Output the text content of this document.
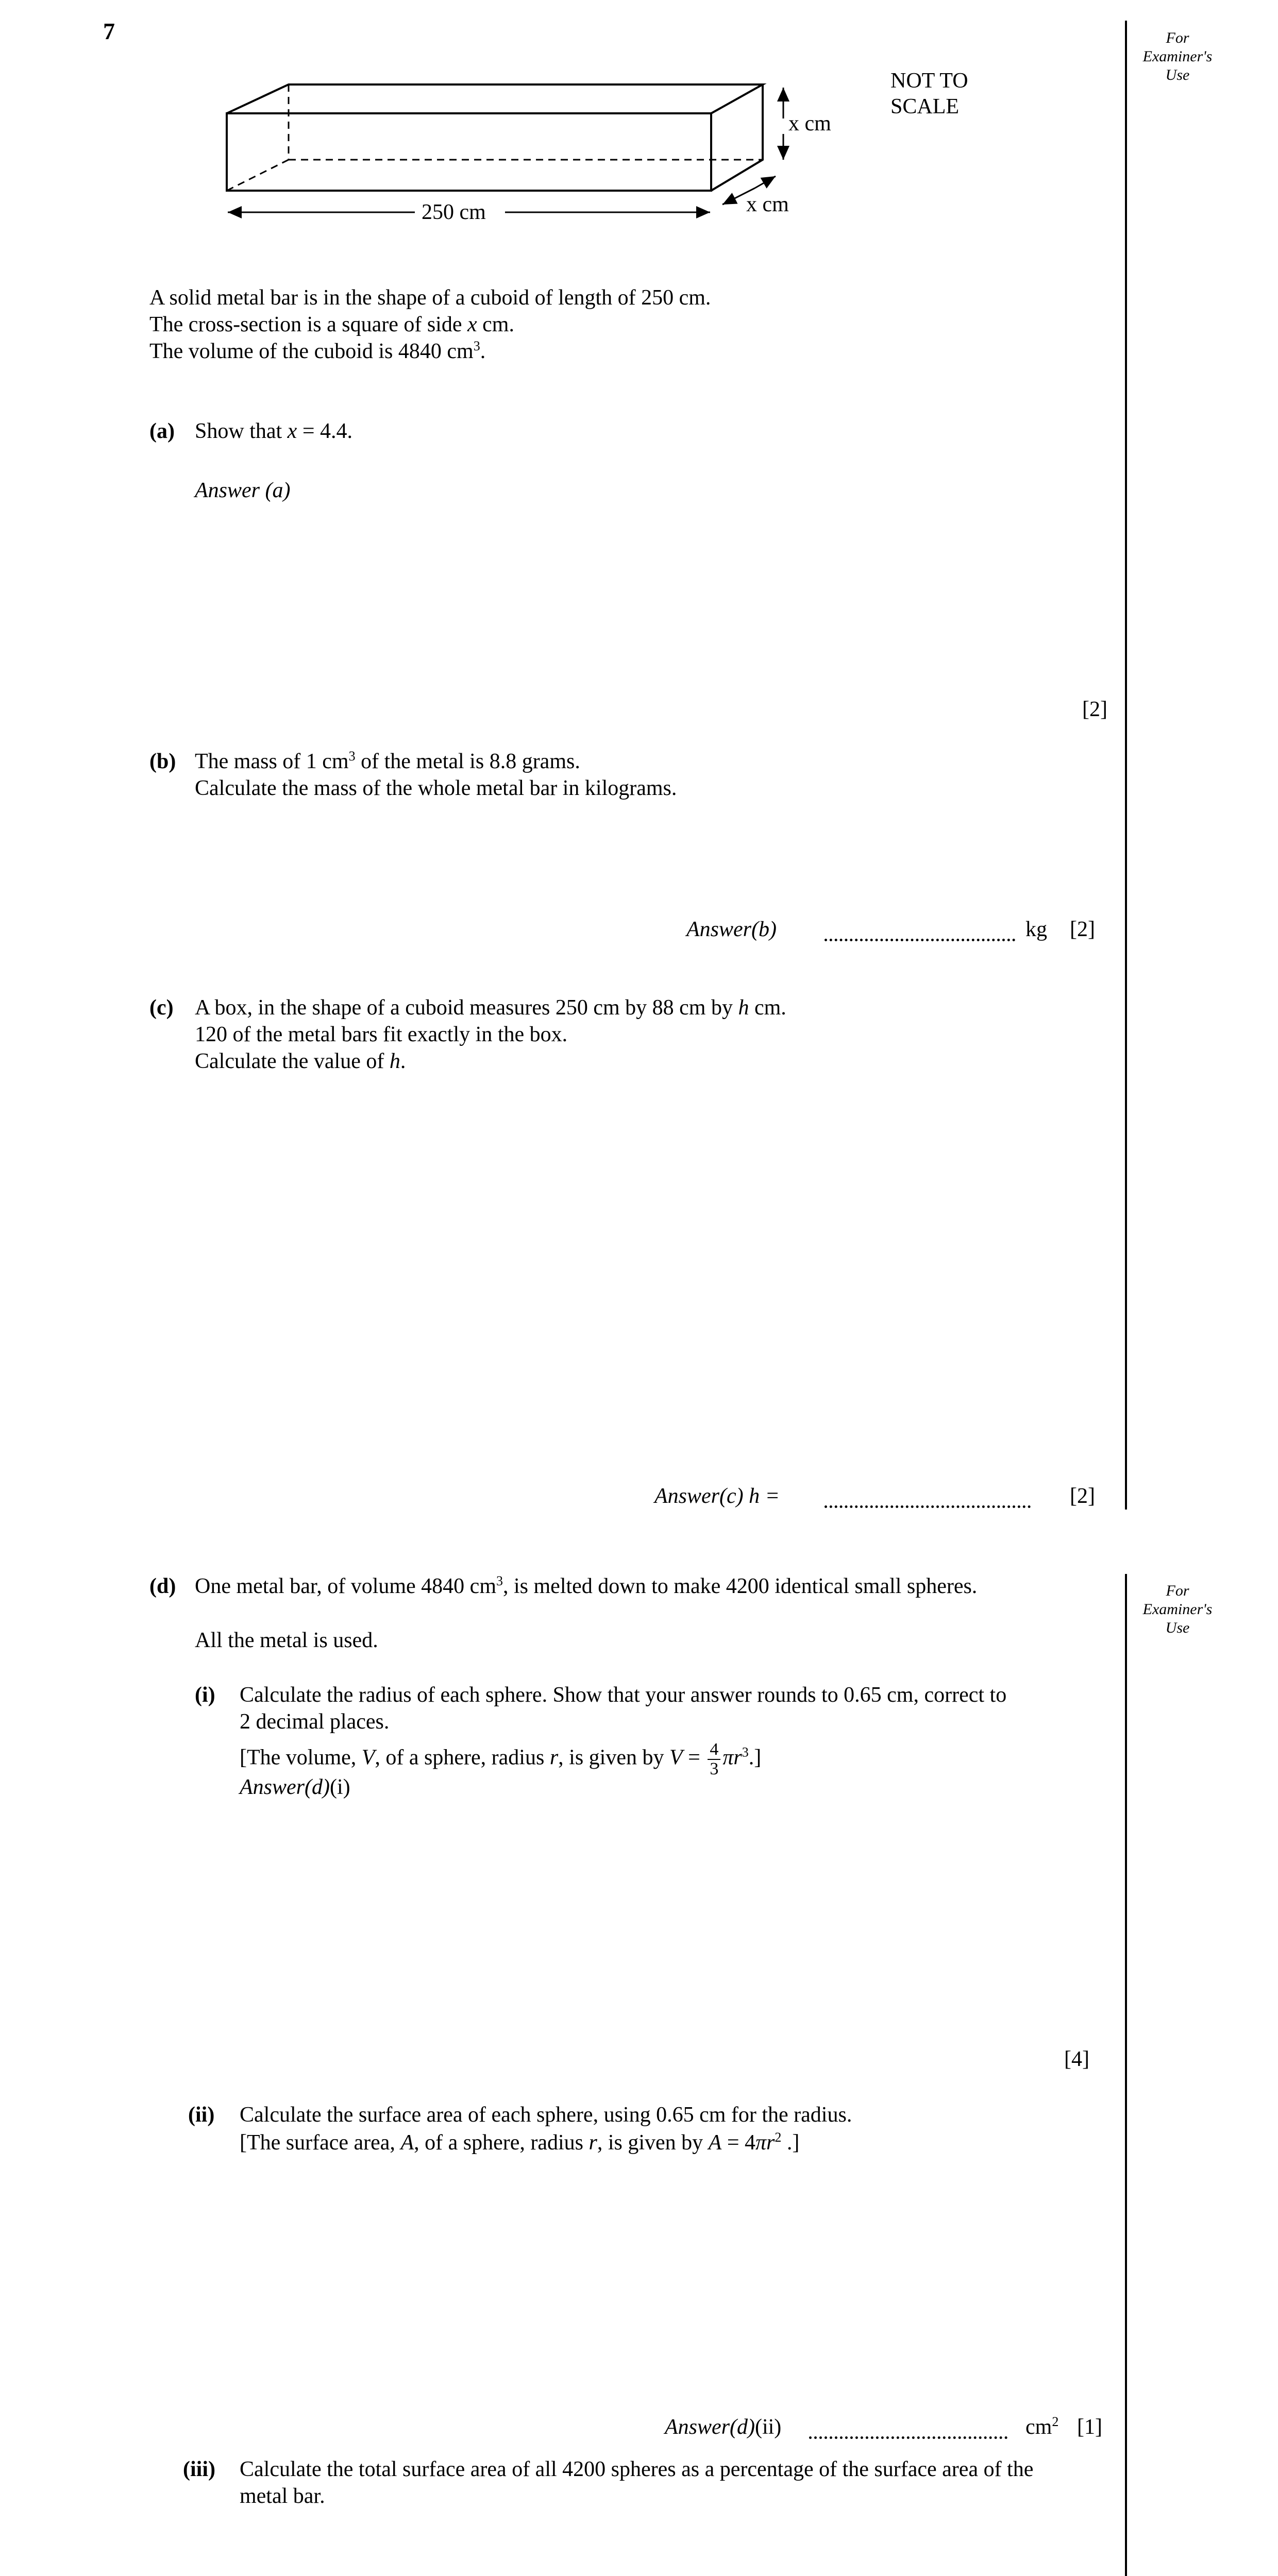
7	For
Examiner's
Use
For
Examiner's
Use
x cm
x cm
250 cm
NOT TO
SCALE
A solid metal bar is in the shape of a cuboid of length of 250 cm.
The cross-section is a square of side x cm.
The volume of the cuboid is 4840 $cm^3$.
(a) Show that x = 4.4.
Answer (a)
[2]
(b) The mass of 1 $cm^3$ of the metal is 8.8 grams.
Calculate the mass of the whole metal bar in kilograms.
Answer(b)	kg [2]
(c) A box, in the shape of a cuboid measures 250 cm by 88 cm by h cm.
120 of the metal bars fit exactly in the box.
Calculate the value of h.
Answer(c) h =	[2]
(d) One metal bar, of volume 4840 $cm^3$, is melted down to make 4200 identical small spheres.
All the metal is used.
(i) Calculate the radius of each sphere. Show that your answer rounds to 0.65 cm, correct to
2 decimal places.
[The volume, V, of a sphere, radius r, is given by $V = \frac{4}{3} \pi r^3$.]
Answer(d)(i)
[4]
(ii) Calculate the surface area of each sphere, using 0.65 cm for the radius.
[The surface area, A, of a sphere, radius r, is given by $A = 4\pi r^2$ .]
Answer(d)(ii)	$cm^2$ [1]
(iii) Calculate the total surface area of all 4200 spheres as a percentage of the surface area of the
metal bar.
